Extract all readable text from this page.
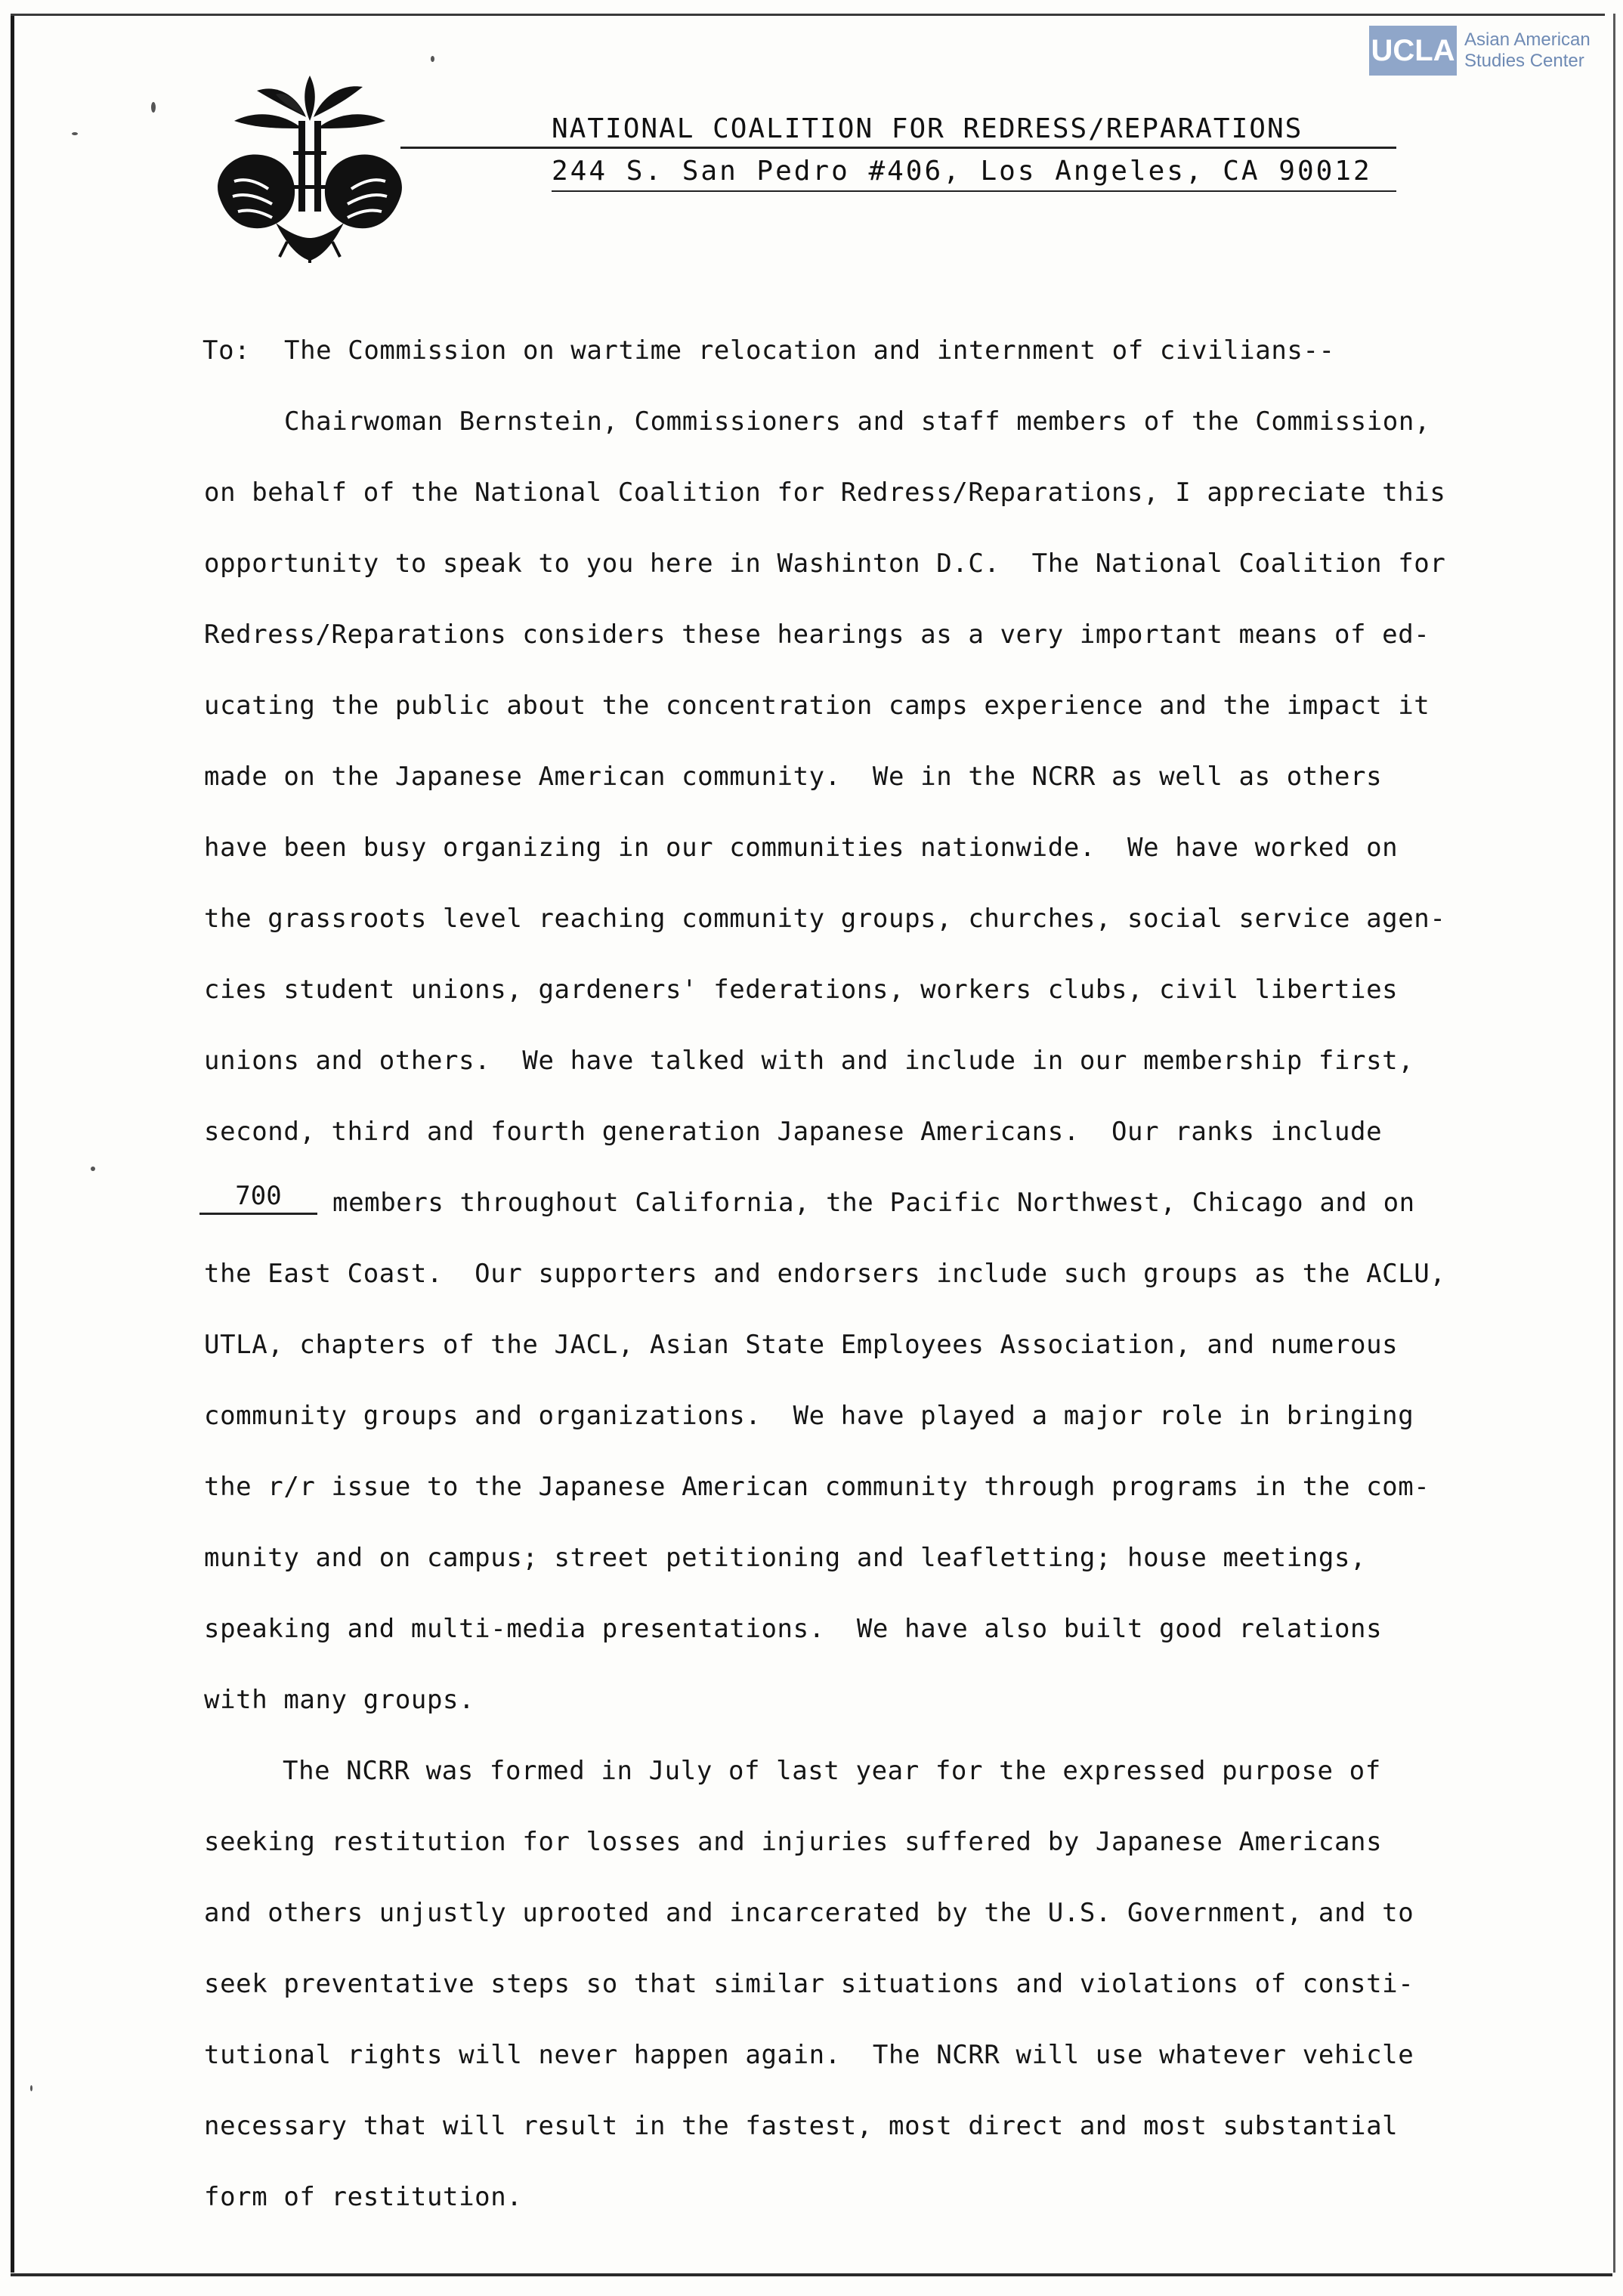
UCLA Asian American
Studies Center
NATIONAL COALITION FOR REDRESS/REPARATIONS
244 S. San Pedro #406, Los Angeles, CA 90012
To: The Commission on wartime relocation and internment of civilians--
Chairwoman Bernstein, Commissioners and staff members of the Commission,
on behalf of the National Coalition for Redress/Reparations, I appreciate this
opportunity to speak to you here in Washinton D.C.  The National Coalition for
Redress/Reparations considers these hearings as a very important means of ed-
ucating the public about the concentration camps experience and the impact it
made on the Japanese American community.  We in the NCRR as well as others
have been busy organizing in our communities nationwide.  We have worked on
the grassroots level reaching community groups, churches, social service agen-
cies student unions, gardeners' federations, workers clubs, civil liberties
unions and others.  We have talked with and include in our membership first,
second, third and fourth generation Japanese Americans.  Our ranks include
members throughout California, the Pacific Northwest, Chicago and on
the East Coast.  Our supporters and endorsers include such groups as the ACLU,
UTLA, chapters of the JACL, Asian State Employees Association, and numerous
community groups and organizations.  We have played a major role in bringing
the r/r issue to the Japanese American community through programs in the com-
munity and on campus; street petitioning and leafletting; house meetings,
speaking and multi-media presentations.  We have also built good relations
with many groups.
The NCRR was formed in July of last year for the expressed purpose of
seeking restitution for losses and injuries suffered by Japanese Americans
and others unjustly uprooted and incarcerated by the U.S. Government, and to
seek preventative steps so that similar situations and violations of consti-
tutional rights will never happen again.  The NCRR will use whatever vehicle
necessary that will result in the fastest, most direct and most substantial
form of restitution.
700
